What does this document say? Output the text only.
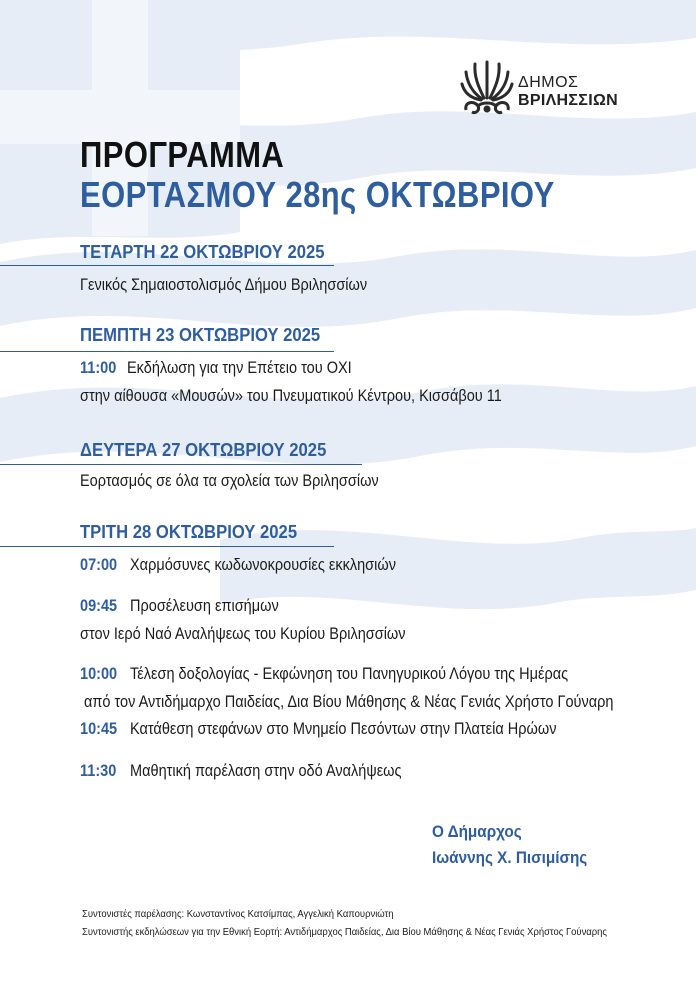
ΔΗΜΟΣ
ΒΡΙΛΗΣΣΙΩΝ
ΠΡΟΓΡΑΜΜΑ
ΕΟΡΤΑΣΜΟΥ 28ης ΟΚΤΩΒΡΙΟΥ
ΤΕΤΑΡΤΗ 22 ΟΚΤΩΒΡΙΟΥ 2025
Γενικός Σημαιοστολισμός Δήμου Βριλησσίων
ΠΕΜΠΤΗ 23 ΟΚΤΩΒΡΙΟΥ 2025
11:00 Εκδήλωση για την Επέτειο του ΟΧΙ
στην αίθουσα «Μουσών» του Πνευματικού Κέντρου, Κισσάβου 11
ΔΕΥΤΕΡΑ 27 ΟΚΤΩΒΡΙΟΥ 2025
Εορτασμός σε όλα τα σχολεία των Βριλησσίων
ΤΡΙΤΗ 28 ΟΚΤΩΒΡΙΟΥ 2025
07:00 Χαρμόσυνες κωδωνοκρουσίες εκκλησιών
09:45 Προσέλευση επισήμων
στον Ιερό Ναό Αναλήψεως του Κυρίου Βριλησσίων
10:00 Τέλεση δοξολογίας - Εκφώνηση του Πανηγυρικού Λόγου της Ημέρας
από τον Αντιδήμαρχο Παιδείας, Δια Βίου Μάθησης & Νέας Γενιάς Χρήστο Γούναρη
10:45 Κατάθεση στεφάνων στο Μνημείο Πεσόντων στην Πλατεία Ηρώων
11:30 Μαθητική παρέλαση στην οδό Αναλήψεως
Ο Δήμαρχος
Ιωάννης Χ. Πισιμίσης
Συντονιστές παρέλασης: Κωνσταντίνος Κατσίμπας, Αγγελική Καπουρνιώτη
Συντονιστής εκδηλώσεων για την Εθνική Εορτή: Αντιδήμαρχος Παιδείας, Δια Βίου Μάθησης & Νέας Γενιάς Χρήστος Γούναρης
